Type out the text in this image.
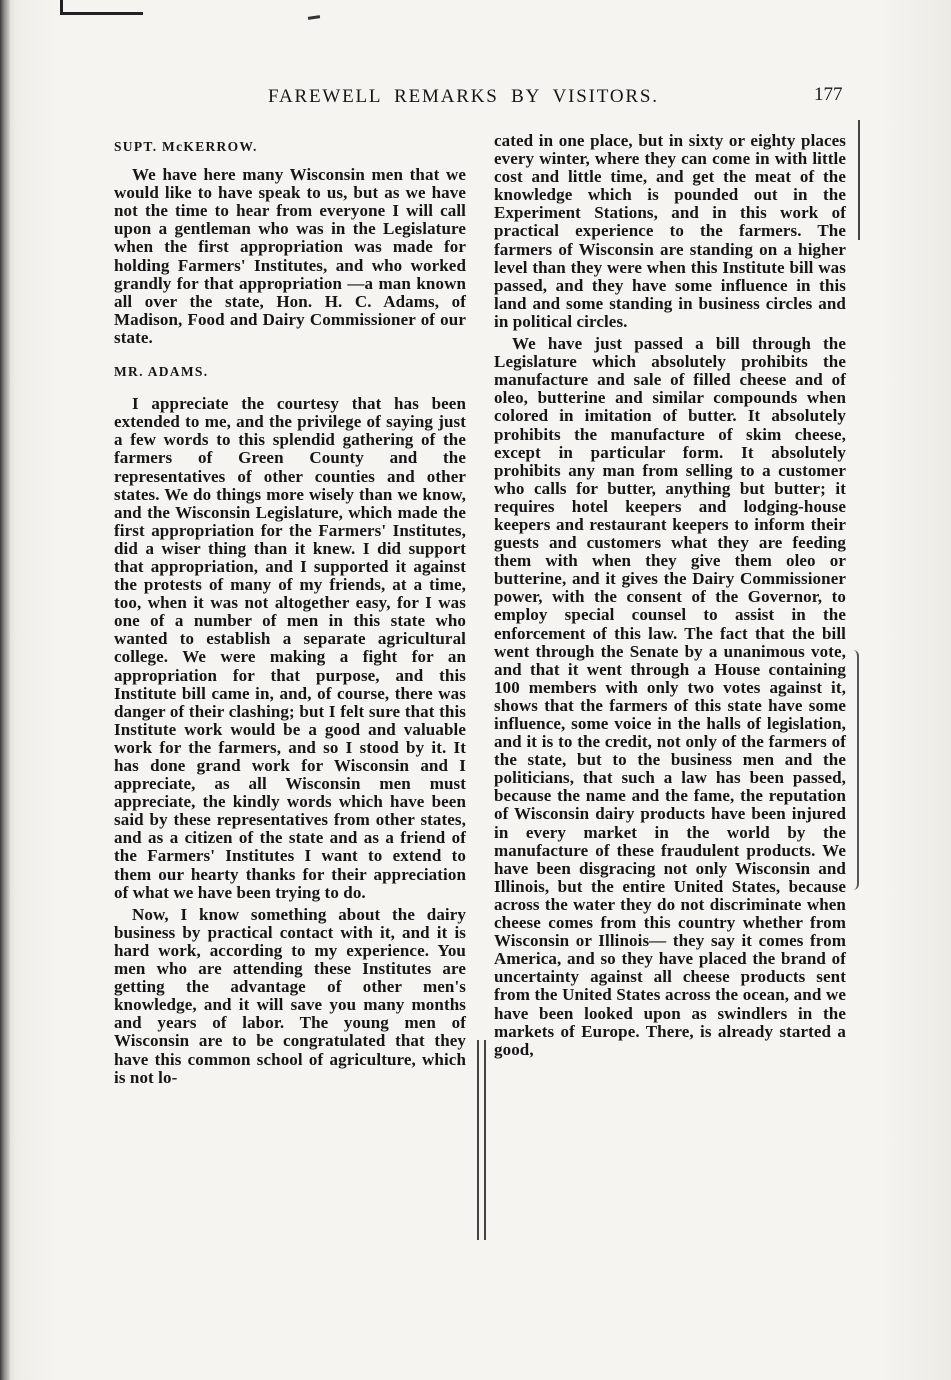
FAREWELL REMARKS BY VISITORS.	177
SUPT. McKERROW.

We have here many Wisconsin men that we would like to have speak to us, but as we have not the time to hear from everyone I will call upon a gentleman who was in the Legislature when the first appropriation was made for holding Farmers' Institutes, and who worked grandly for that appropriation —a man known all over the state, Hon. H. C. Adams, of Madison, Food and Dairy Commissioner of our state.

MR. ADAMS.

I appreciate the courtesy that has been extended to me, and the privilege of saying just a few words to this splendid gathering of the farmers of Green County and the representatives of other counties and other states. We do things more wisely than we know, and the Wisconsin Legislature, which made the first appropriation for the Farmers' Institutes, did a wiser thing than it knew. I did support that appropriation, and I supported it against the protests of many of my friends, at a time, too, when it was not altogether easy, for I was one of a number of men in this state who wanted to establish a separate agricultural college. We were making a fight for an appropriation for that purpose, and this Institute bill came in, and, of course, there was danger of their clashing; but I felt sure that this Institute work would be a good and valuable work for the farmers, and so I stood by it. It has done grand work for Wisconsin and I appreciate, as all Wisconsin men must appreciate, the kindly words which have been said by these representatives from other states, and as a citizen of the state and as a friend of the Farmers' Institutes I want to extend to them our hearty thanks for their appreciation of what we have been trying to do.

Now, I know something about the dairy business by practical contact with it, and it is hard work, according to my experience. You men who are attending these Institutes are getting the advantage of other men's knowledge, and it will save you many months and years of labor. The young men of Wisconsin are to be congratulated that they have this common school of agriculture, which is not lo-

cated in one place, but in sixty or eighty places every winter, where they can come in with little cost and little time, and get the meat of the knowledge which is pounded out in the Experiment Stations, and in this work of practical experience to the farmers. The farmers of Wisconsin are standing on a higher level than they were when this Institute bill was passed, and they have some influence in this land and some standing in business circles and in political circles.

We have just passed a bill through the Legislature which absolutely prohibits the manufacture and sale of filled cheese and of oleo, butterine and similar compounds when colored in imitation of butter. It absolutely prohibits the manufacture of skim cheese, except in particular form. It absolutely prohibits any man from selling to a customer who calls for butter, anything but butter; it requires hotel keepers and lodging-house keepers and restaurant keepers to inform their guests and customers what they are feeding them with when they give them oleo or butterine, and it gives the Dairy Commissioner power, with the consent of the Governor, to employ special counsel to assist in the enforcement of this law. The fact that the bill went through the Senate by a unanimous vote, and that it went through a House containing 100 members with only two votes against it, shows that the farmers of this state have some influence, some voice in the halls of legislation, and it is to the credit, not only of the farmers of the state, but to the business men and the politicians, that such a law has been passed, because the name and the fame, the reputation of Wisconsin dairy products have been injured in every market in the world by the manufacture of these fraudulent products. We have been disgracing not only Wisconsin and Illinois, but the entire United States, because across the water they do not discriminate when cheese comes from this country whether from Wisconsin or Illinois— they say it comes from America, and so they have placed the brand of uncertainty against all cheese products sent from the United States across the ocean, and we have been looked upon as swindlers in the markets of Europe. There, is already started a good,
